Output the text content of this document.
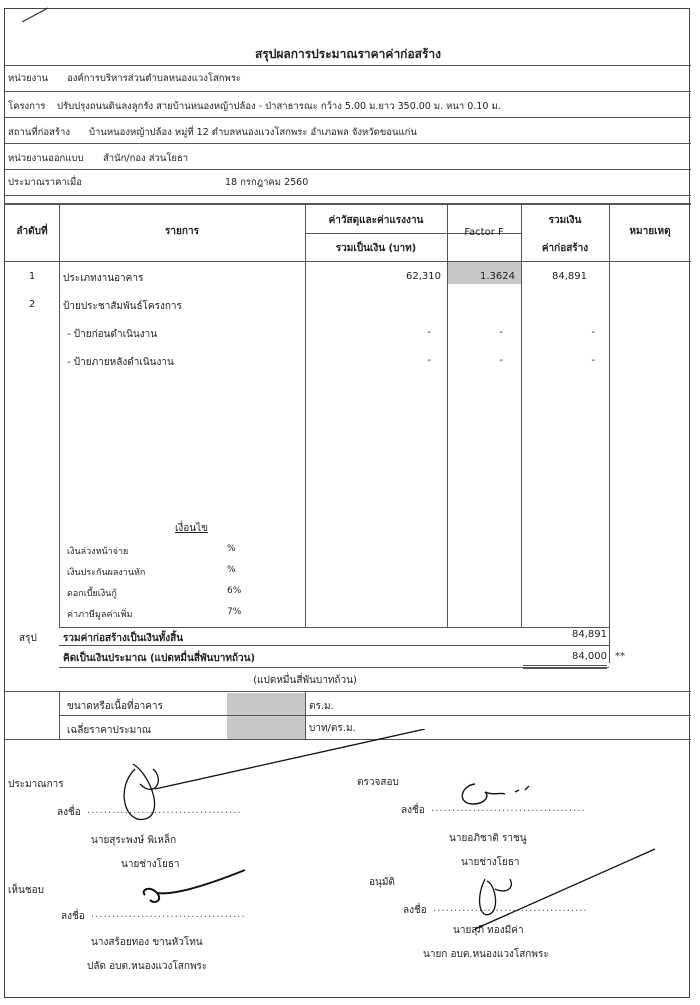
สรุปผลการประมาณราคาค่าก่อสร้าง
หน่วยงาน องค์การบริหารส่วนตำบลหนองแวงโสกพระ
โครงการ ปรับปรุงถนนดินลงลูกรัง สายบ้านหนองหญ้าปล้อง - ป่าสาธารณะ กว้าง 5.00 ม.ยาว 350.00 ม. หนา 0.10 ม.
สถานที่ก่อสร้าง บ้านหนองหญ้าปล้อง หมู่ที่ 12 ตำบลหนองแวงโสกพระ อำเภอพล จังหวัดขอนแก่น
หน่วยงานออกแบบ สำนัก/กอง ส่วนโยธา
ประมาณราคาเมื่อ	18 กรกฎาคม 2560
ลำดับที่	รายการ
ค่าวัสดุและค่าแรงงาน
รวมเป็นเงิน (บาท)
Factor F
รวมเงิน
ค่าก่อสร้าง
หมายเหตุ
1	ประเภทงานอาคาร	62,310	1.3624	84,891
2	ป้ายประชาสัมพันธ์โครงการ
- ป้ายก่อนดำเนินงาน	-	-	-
- ป้ายภายหลังดำเนินงาน	-	-	-
เงื่อนไข
เงินล่วงหน้าจ่าย	%
เงินประกันผลงานหัก	%
ดอกเบี้ยเงินกู้	6%
ค่าภาษีมูลค่าเพิ่ม	7%
สรุป	รวมค่าก่อสร้างเป็นเงินทั้งสิ้น	84,891
คิดเป็นเงินประมาณ (แปดหมื่นสี่พันบาทถ้วน)	84,000 **
(แปดหมื่นสี่พันบาทถ้วน)
ขนาดหรือเนื้อที่อาคาร	ตร.ม.
เฉลี่ยราคาประมาณ	บาท/ตร.ม.
ประมาณการ
ลงชื่อ .....................................
นายสุระพงษ์ พิเหล็ก
นายช่างโยธา
ตรวจสอบ
ลงชื่อ .....................................
นายอภิชาติ ราชนู
นายช่างโยธา
เห็นชอบ
ลงชื่อ .....................................
นางสร้อยทอง ขานหัวโทน
ปลัด อบต.หนองแวงโสกพระ
อนุมัติ
ลงชื่อ .....................................
นายสุภี ทองมีค่า
นายก อบต.หนองแวงโสกพระ
